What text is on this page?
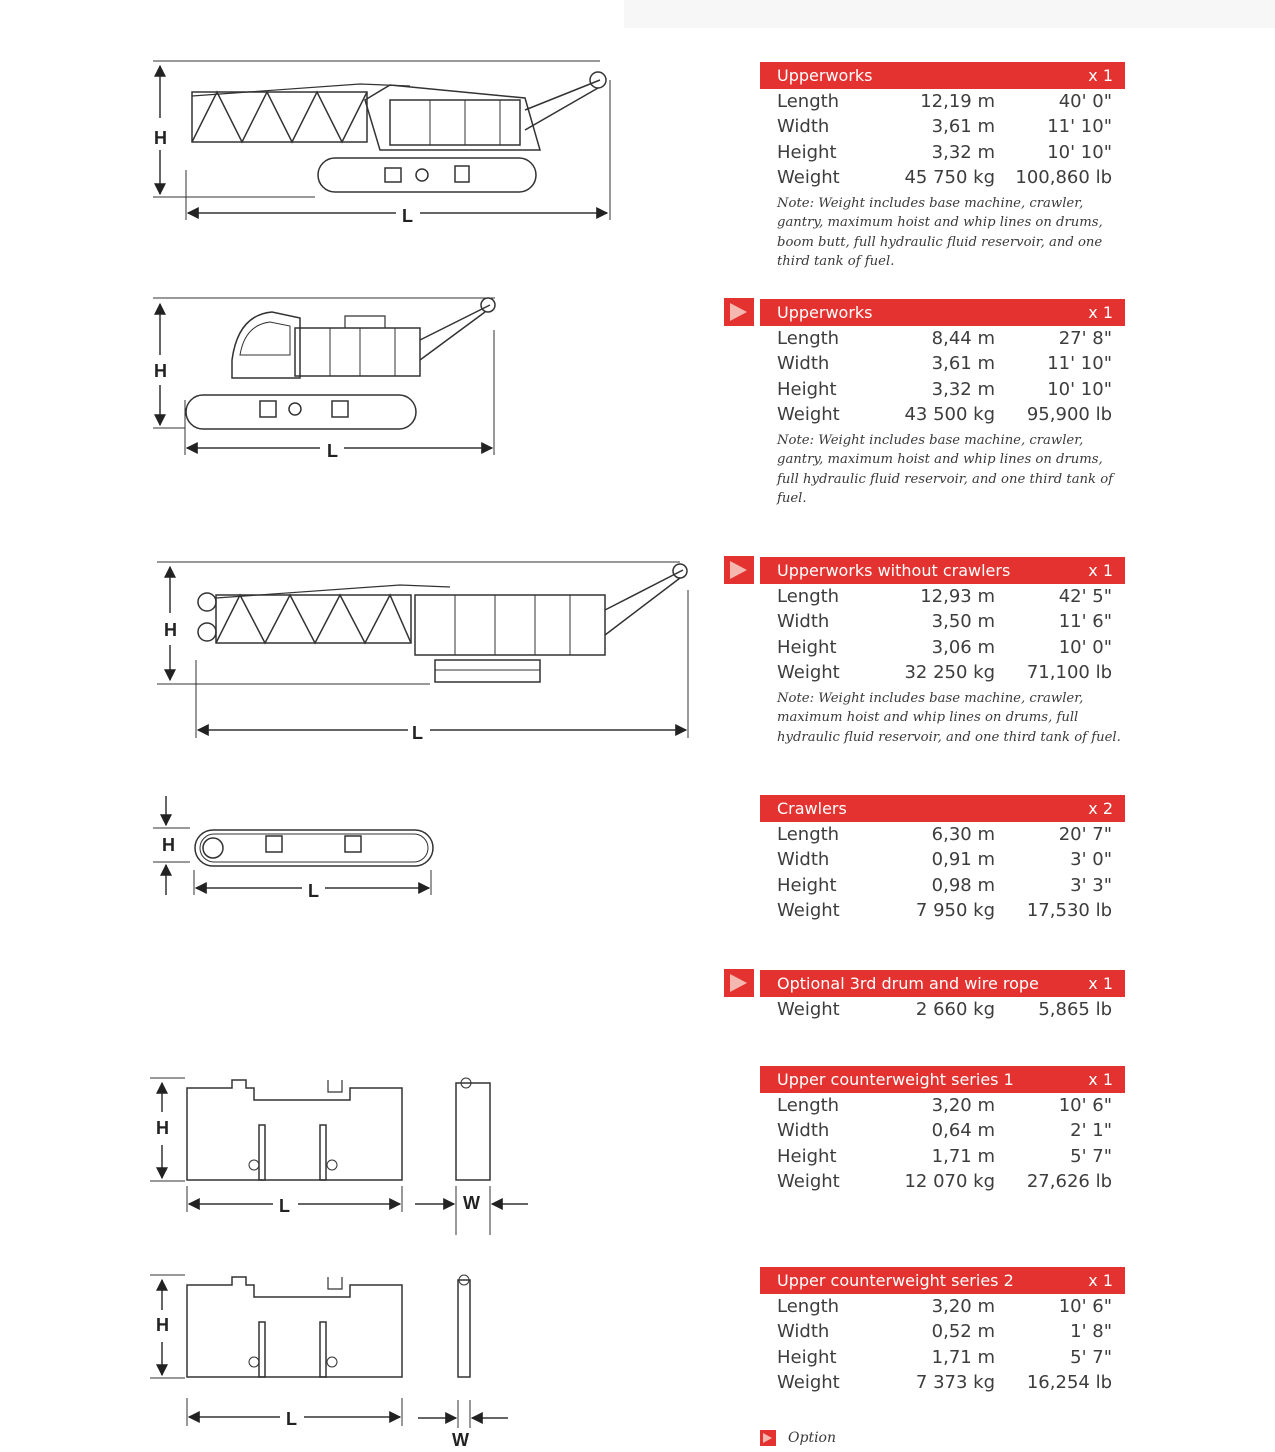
Upperworks	x 1
Length	12,19 m	40' 0"
Width	3,61 m	11' 10"
Height	3,32 m	10' 10"
Weight	45 750 kg 100,860 lb
Note: Weight includes base machine, crawler, gantry, maximum hoist and whip lines on drums, boom butt, full hydraulic fluid reservoir, and one third tank of fuel.
Upperworks	x 1
Length	8,44 m	27' 8"
Width	3,61 m	11' 10"
Height	3,32 m	10' 10"
Weight	43 500 kg 95,900 lb
Note: Weight includes base machine, crawler, gantry, maximum hoist and whip lines on drums, full hydraulic fluid reservoir, and one third tank of fuel.
Upperworks without crawlers	x 1
Length	12,93 m	42' 5"
Width	3,50 m	11' 6"
Height	3,06 m	10' 0"
Weight	32 250 kg 71,100 lb
Note: Weight includes base machine, crawler, maximum hoist and whip lines on drums, full hydraulic fluid reservoir, and one third tank of fuel.
Crawlers	x 2
Length	6,30 m	20' 7"
Width	0,91 m	3' 0"
Height	0,98 m	3' 3"
Weight	7 950 kg 17,530 lb
Optional 3rd drum and wire rope	x 1
Weight	2 660 kg 5,865 lb
Upper counterweight series 1	x 1
Length	3,20 m	10' 6"
Width	0,64 m	2' 1"
Height	1,71 m	5' 7"
Weight	12 070 kg 27,626 lb
Upper counterweight series 2	x 1
Length	3,20 m	10' 6"
Width	0,52 m	1' 8"
Height	1,71 m	5' 7"
Weight	7 373 kg 16,254 lb
Option
H
L
H
L
H
L
H
L
H
L	W
H
L
W
